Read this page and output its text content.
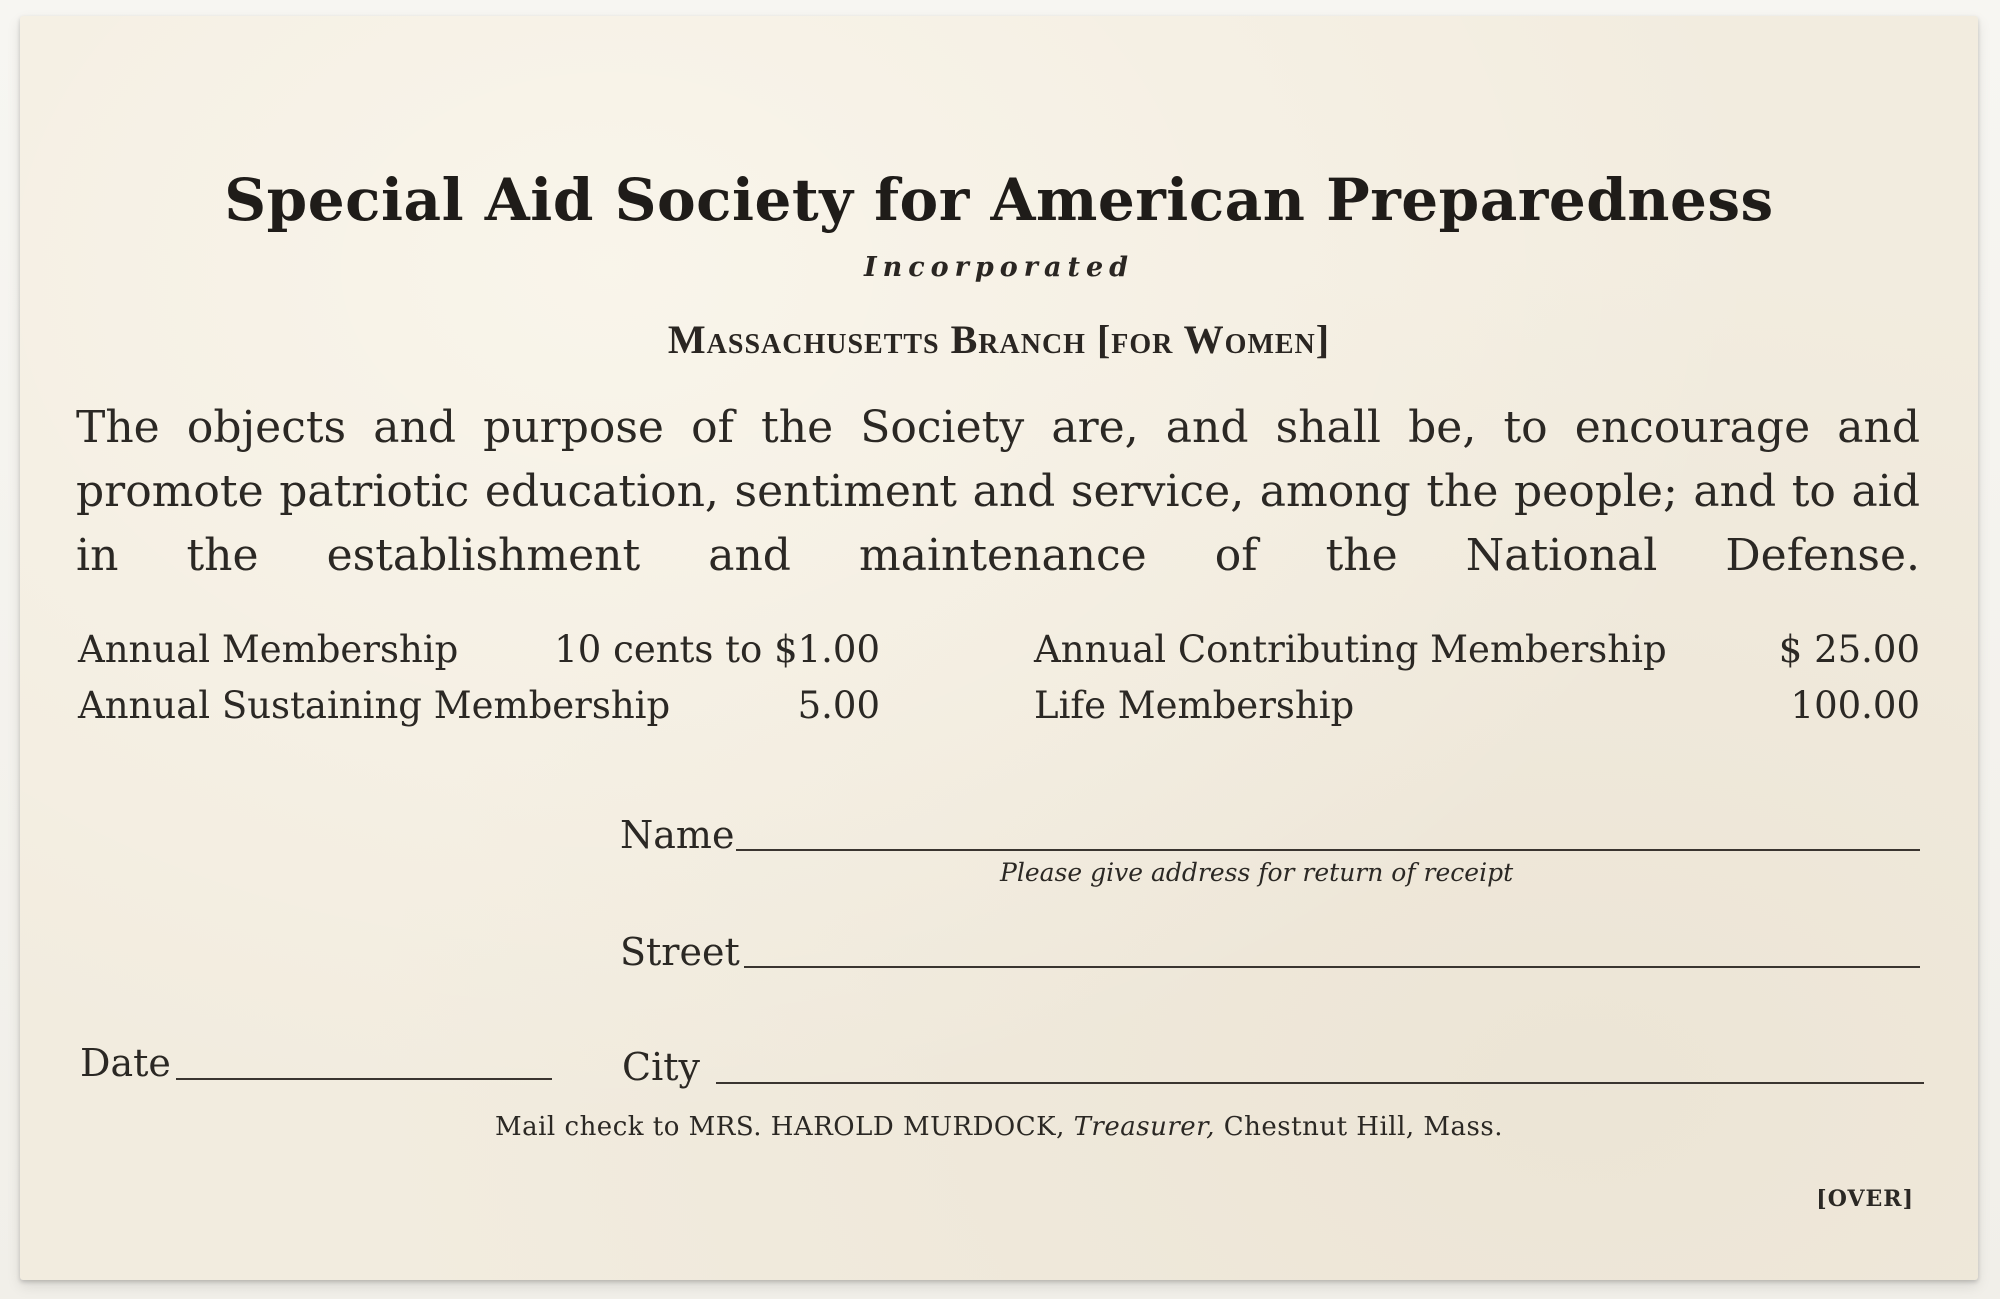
Special Aid Society for American Preparedness
Incorporated
Massachusetts Branch [for Women]
The objects and purpose of the Society are, and shall be, to encourage and promote patriotic education, sentiment and service, among the people; and to aid in the establishment and maintenance of the National Defense.
Annual Membership	10 cents to $1.00
Annual Sustaining Membership	5.00
Annual Contributing Membership	$ 25.00
Life Membership	100.00
Name
Please give address for return of receipt
Street
Date	City
Mail check to MRS. HAROLD MURDOCK, Treasurer, Chestnut Hill, Mass.
[OVER]
